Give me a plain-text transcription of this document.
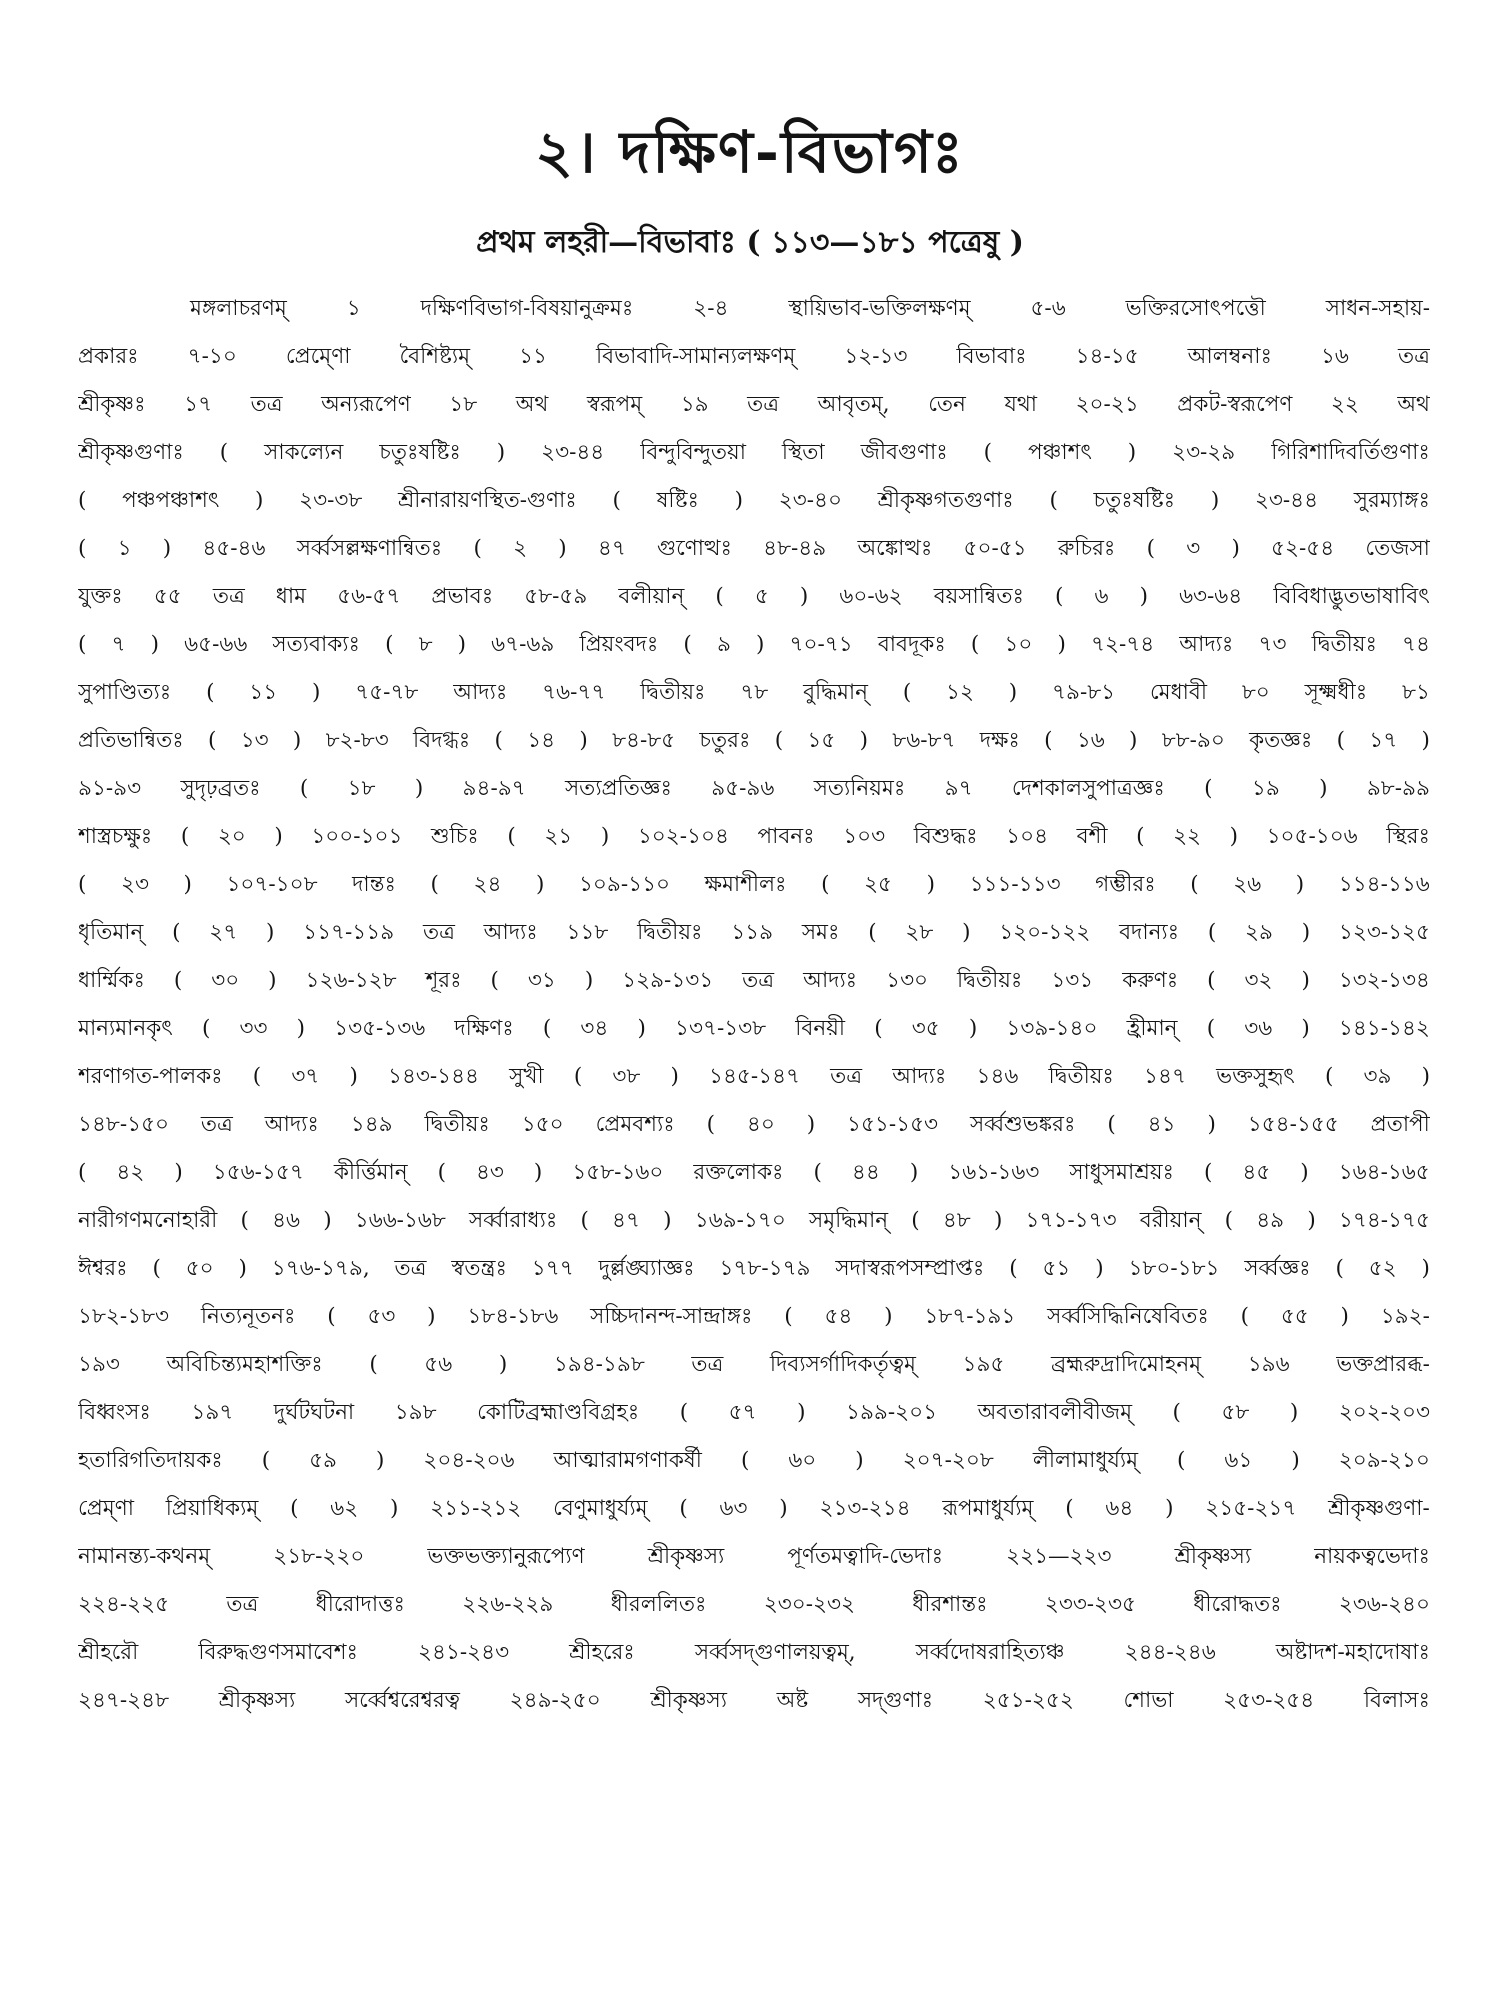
২। দক্ষিণ-বিভাগঃ
প্রথম লহরী—বিভাবাঃ ( ১১৩—১৮১ পত্রেষু )
মঙ্গলাচরণম্	১	দক্ষিণবিভাগ-বিষয়ানুক্রমঃ	২-৪	স্থায়িভাব-ভক্তিলক্ষণম্	৫-৬	ভক্তিরসোৎপত্তৌ	সাধন-সহায়-
প্রকারঃ ৭-১০ প্রেম্ণো বৈশিষ্ট্যম্ ১১ বিভাবাদি-সামান্যলক্ষণম্ ১২-১৩ বিভাবাঃ ১৪-১৫ আলম্বনাঃ ১৬ তত্র
শ্রীকৃষ্ণঃ ১৭ তত্র অন্যরূপেণ ১৮ অথ স্বরূপম্ ১৯ তত্র আবৃতম্, তেন যথা ২০-২১ প্রকট-স্বরূপেণ ২২ অথ
শ্রীকৃষ্ণগুণাঃ ( সাকল্যেন চতুঃষষ্টিঃ ) ২৩-৪৪ বিন্দুবিন্দুতয়া স্থিতা জীবগুণাঃ ( পঞ্চাশৎ ) ২৩-২৯ গিরিশাদিবর্তিগুণাঃ
( পঞ্চপঞ্চাশৎ ) ২৩-৩৮ শ্রীনারায়ণস্থিত-গুণাঃ ( ষষ্টিঃ ) ২৩-৪০ শ্রীকৃষ্ণগতগুণাঃ ( চতুঃষষ্টিঃ ) ২৩-৪৪ সুরম্যাঙ্গঃ
( ১ ) ৪৫-৪৬ সর্ব্বসল্লক্ষণান্বিতঃ ( ২ ) ৪৭ গুণোত্থঃ ৪৮-৪৯ অঙ্কোত্থঃ ৫০-৫১ রুচিরঃ ( ৩ ) ৫২-৫৪ তেজসা
যুক্তঃ ৫৫ তত্র ধাম ৫৬-৫৭ প্রভাবঃ ৫৮-৫৯ বলীয়ান্ ( ৫ ) ৬০-৬২ বয়সান্বিতঃ ( ৬ ) ৬৩-৬৪ বিবিধাদ্ভুতভাষাবিৎ
( ৭ ) ৬৫-৬৬ সত্যবাক্যঃ ( ৮ ) ৬৭-৬৯ প্রিয়ংবদঃ ( ৯ ) ৭০-৭১ বাবদূকঃ ( ১০ ) ৭২-৭৪ আদ্যঃ ৭৩ দ্বিতীয়ঃ ৭৪
সুপাণ্ডিত্যঃ ( ১১ ) ৭৫-৭৮ আদ্যঃ ৭৬-৭৭ দ্বিতীয়ঃ ৭৮ বুদ্ধিমান্ ( ১২ ) ৭৯-৮১ মেধাবী ৮০ সূক্ষ্মধীঃ ৮১
প্রতিভান্বিতঃ ( ১৩ ) ৮২-৮৩ বিদগ্ধঃ ( ১৪ ) ৮৪-৮৫ চতুরঃ ( ১৫ ) ৮৬-৮৭ দক্ষঃ ( ১৬ ) ৮৮-৯০ কৃতজ্ঞঃ ( ১৭ )
৯১-৯৩ সুদৃঢ়ব্রতঃ ( ১৮ ) ৯৪-৯৭ সত্যপ্রতিজ্ঞঃ ৯৫-৯৬ সত্যনিয়মঃ ৯৭ দেশকালসুপাত্রজ্ঞঃ ( ১৯ ) ৯৮-৯৯
শাস্ত্রচক্ষুঃ ( ২০ ) ১০০-১০১ শুচিঃ ( ২১ ) ১০২-১০৪ পাবনঃ ১০৩ বিশুদ্ধঃ ১০৪ বশী ( ২২ ) ১০৫-১০৬ স্থিরঃ
( ২৩ ) ১০৭-১০৮ দান্তঃ ( ২৪ ) ১০৯-১১০ ক্ষমাশীলঃ ( ২৫ ) ১১১-১১৩ গম্ভীরঃ ( ২৬ ) ১১৪-১১৬
ধৃতিমান্ ( ২৭ ) ১১৭-১১৯ তত্র আদ্যঃ ১১৮ দ্বিতীয়ঃ ১১৯ সমঃ ( ২৮ ) ১২০-১২২ বদান্যঃ ( ২৯ ) ১২৩-১২৫
ধার্ম্মিকঃ ( ৩০ ) ১২৬-১২৮ শূরঃ ( ৩১ ) ১২৯-১৩১ তত্র আদ্যঃ ১৩০ দ্বিতীয়ঃ ১৩১ করুণঃ ( ৩২ ) ১৩২-১৩৪
মান্যমানকৃৎ ( ৩৩ ) ১৩৫-১৩৬ দক্ষিণঃ ( ৩৪ ) ১৩৭-১৩৮ বিনয়ী ( ৩৫ ) ১৩৯-১৪০ হ্রীমান্ ( ৩৬ ) ১৪১-১৪২
শরণাগত-পালকঃ ( ৩৭ ) ১৪৩-১৪৪ সুখী ( ৩৮ ) ১৪৫-১৪৭ তত্র আদ্যঃ ১৪৬ দ্বিতীয়ঃ ১৪৭ ভক্তসুহৃৎ ( ৩৯ )
১৪৮-১৫০ তত্র আদ্যঃ ১৪৯ দ্বিতীয়ঃ ১৫০ প্রেমবশ্যঃ ( ৪০ ) ১৫১-১৫৩ সর্ব্বশুভঙ্করঃ ( ৪১ ) ১৫৪-১৫৫ প্রতাপী
( ৪২ ) ১৫৬-১৫৭ কীর্ত্তিমান্ ( ৪৩ ) ১৫৮-১৬০ রক্তলোকঃ ( ৪৪ ) ১৬১-১৬৩ সাধুসমাশ্রয়ঃ ( ৪৫ ) ১৬৪-১৬৫
নারীগণমনোহারী ( ৪৬ ) ১৬৬-১৬৮ সর্ব্বারাধ্যঃ ( ৪৭ ) ১৬৯-১৭০ সমৃদ্ধিমান্ ( ৪৮ ) ১৭১-১৭৩ বরীয়ান্ ( ৪৯ ) ১৭৪-১৭৫
ঈশ্বরঃ ( ৫০ ) ১৭৬-১৭৯, তত্র স্বতন্ত্রঃ ১৭৭ দুর্ল্লঙ্ঘ্যাজ্ঞঃ ১৭৮-১৭৯ সদাস্বরূপসম্প্রাপ্তঃ ( ৫১ ) ১৮০-১৮১ সর্ব্বজ্ঞঃ ( ৫২ )
১৮২-১৮৩ নিত্যনূতনঃ ( ৫৩ ) ১৮৪-১৮৬ সচ্চিদানন্দ-সান্দ্রাঙ্গঃ ( ৫৪ ) ১৮৭-১৯১ সর্ব্বসিদ্ধিনিষেবিতঃ ( ৫৫ ) ১৯২-
১৯৩ অবিচিন্ত্যমহাশক্তিঃ ( ৫৬ ) ১৯৪-১৯৮ তত্র দিব্যসর্গাদিকর্তৃত্বম্ ১৯৫ ব্রহ্মরুদ্রাদিমোহনম্ ১৯৬ ভক্তপ্রারব্ধ-
বিধ্বংসঃ ১৯৭ দুর্ঘটঘটনা ১৯৮ কোটিব্রহ্মাণ্ডবিগ্রহঃ ( ৫৭ ) ১৯৯-২০১ অবতারাবলীবীজম্ ( ৫৮ ) ২০২-২০৩
হতারিগতিদায়কঃ ( ৫৯ ) ২০৪-২০৬ আত্মারামগণাকর্ষী ( ৬০ ) ২০৭-২০৮ লীলামাধুর্য্যম্ ( ৬১ ) ২০৯-২১০
প্রেম্ণা প্রিয়াধিক্যম্ ( ৬২ ) ২১১-২১২ বেণুমাধুর্য্যম্ ( ৬৩ ) ২১৩-২১৪ রূপমাধুর্য্যম্ ( ৬৪ ) ২১৫-২১৭ শ্রীকৃষ্ণগুণা-
নামানন্ত্য-কথনম্	২১৮-২২০	ভক্তভক্ত্যানুরূপ্যেণ	শ্রীকৃষ্ণস্য	পূর্ণতমত্বাদি-ভেদাঃ	২২১—২২৩	শ্রীকৃষ্ণস্য	নায়কত্বভেদাঃ
২২৪-২২৫	তত্র	ধীরোদাত্তঃ	২২৬-২২৯	ধীরললিতঃ	২৩০-২৩২	ধীরশান্তঃ	২৩৩-২৩৫	ধীরোদ্ধতঃ	২৩৬-২৪০
শ্রীহরৌ	বিরুদ্ধগুণসমাবেশঃ	২৪১-২৪৩	শ্রীহরেঃ	সর্ব্বসদ্গুণালয়ত্বম্,	সর্ব্বদোষরাহিত্যঞ্চ	২৪৪-২৪৬	অষ্টাদশ-মহাদোষাঃ
২৪৭-২৪৮ শ্রীকৃষ্ণস্য সর্ব্বেশ্বরেশ্বরত্ব ২৪৯-২৫০ শ্রীকৃষ্ণস্য অষ্ট সদ্গুণাঃ ২৫১-২৫২ শোভা ২৫৩-২৫৪ বিলাসঃ
